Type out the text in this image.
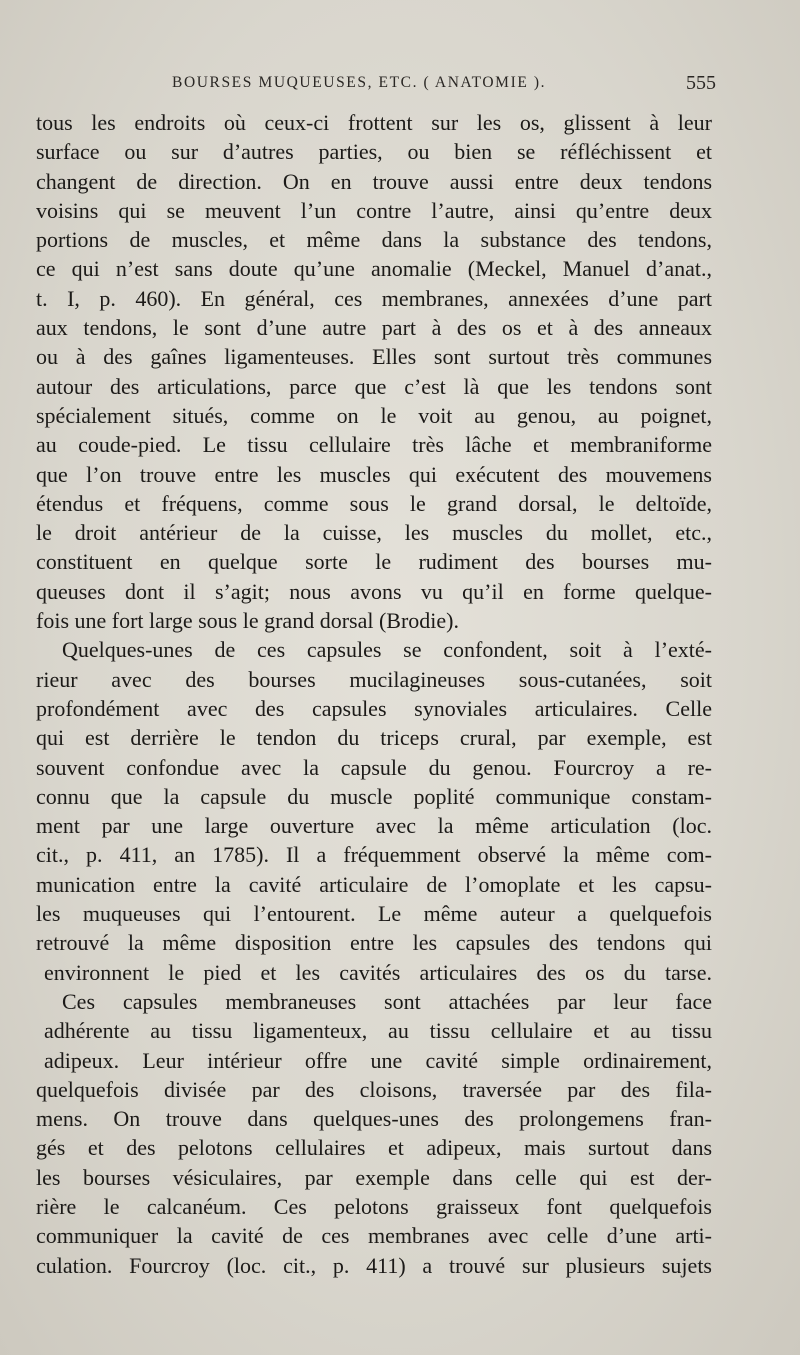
BOURSES MUQUEUSES, ETC. ( ANATOMIE ).	555
tous les endroits où ceux-ci frottent sur les os, glissent à leur
surface ou sur d’autres parties, ou bien se réfléchissent et
changent de direction. On en trouve aussi entre deux tendons
voisins qui se meuvent l’un contre l’autre, ainsi qu’entre deux
portions de muscles, et même dans la substance des tendons,
ce qui n’est sans doute qu’une anomalie (Meckel, Manuel d’anat.,
t. I, p. 460). En général, ces membranes, annexées d’une part
aux tendons, le sont d’une autre part à des os et à des anneaux
ou à des gaînes ligamenteuses. Elles sont surtout très communes
autour des articulations, parce que c’est là que les tendons sont
spécialement situés, comme on le voit au genou, au poignet,
au coude-pied. Le tissu cellulaire très lâche et membraniforme
que l’on trouve entre les muscles qui exécutent des mouvemens
étendus et fréquens, comme sous le grand dorsal, le deltoïde,
le droit antérieur de la cuisse, les muscles du mollet, etc.,
constituent en quelque sorte le rudiment des bourses mu-
queuses dont il s’agit; nous avons vu qu’il en forme quelque-
fois une fort large sous le grand dorsal (Brodie).
Quelques-unes de ces capsules se confondent, soit à l’exté-
rieur avec des bourses mucilagineuses sous-cutanées, soit
profondément avec des capsules synoviales articulaires. Celle
qui est derrière le tendon du triceps crural, par exemple, est
souvent confondue avec la capsule du genou. Fourcroy a re-
connu que la capsule du muscle poplité communique constam-
ment par une large ouverture avec la même articulation (loc.
cit., p. 411, an 1785). Il a fréquemment observé la même com-
munication entre la cavité articulaire de l’omoplate et les capsu-
les muqueuses qui l’entourent. Le même auteur a quelquefois
retrouvé la même disposition entre les capsules des tendons qui
environnent le pied et les cavités articulaires des os du tarse.
Ces capsules membraneuses sont attachées par leur face
adhérente au tissu ligamenteux, au tissu cellulaire et au tissu
adipeux. Leur intérieur offre une cavité simple ordinairement,
quelquefois divisée par des cloisons, traversée par des fila-
mens. On trouve dans quelques-unes des prolongemens fran-
gés et des pelotons cellulaires et adipeux, mais surtout dans
les bourses vésiculaires, par exemple dans celle qui est der-
rière le calcanéum. Ces pelotons graisseux font quelquefois
communiquer la cavité de ces membranes avec celle d’une arti-
culation. Fourcroy (loc. cit., p. 411) a trouvé sur plusieurs sujets
